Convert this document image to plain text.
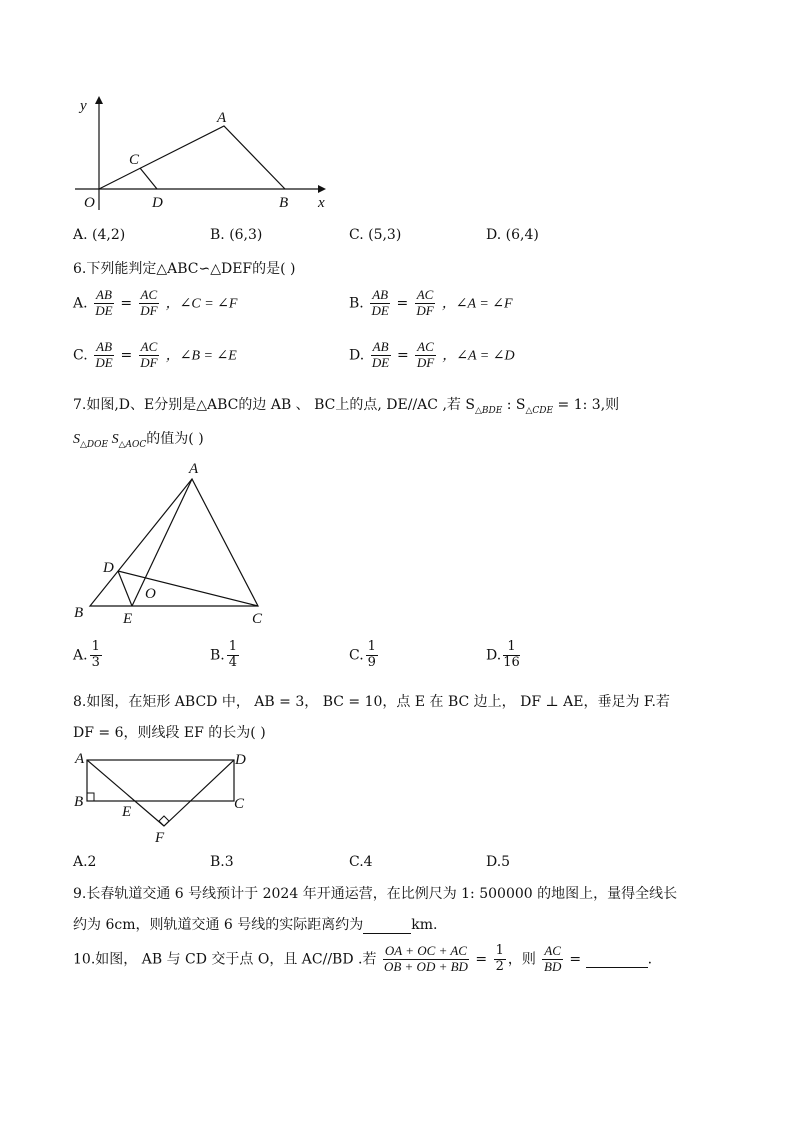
y
x
O
A
B
C
D
A. (4,2)	B. (6,3)	C. (5,3)	D. (6,4)
6.下列能判定△ABC∽△DEF的是( )
A. $\frac{AB}{DE} = \frac{AC}{DF}$ ，∠C = ∠F	B. $\frac{AB}{DE} = \frac{AC}{DF}$ ，∠A = ∠F
C. $\frac{AB}{DE} = \frac{AC}{DF}$ ，∠B = ∠E	D. $\frac{AB}{DE} = \frac{AC}{DF}$ ，∠A = ∠D
7.如图,D、E分别是△ABC的边 AB 、 BC上的点, DE//AC ,若 $S_{\triangle BDE}$ : $S_{\triangle CDE} = 1$: 3,则
$S_{\triangle DOE}$ $S_{\triangle AOC}$的值为( )
A
B	C
D
E
O
A. $\frac{1}{3}$	B. $\frac{1}{4}$	C. $\frac{1}{9}$	D. $\frac{1}{16}$
8.如图，在矩形 ABCD 中， AB = 3， BC = 10，点 E 在 BC 边上， DF ⊥ AE，垂足为 F.若
DF = 6，则线段 EF 的长为( )
A
B	C
D
E
F
A.2	B.3	C.4	D.5
9.长春轨道交通 6 号线预计于 2024 年开通运营，在比例尺为 1: 500000 的地图上，量得全线长
约为 6cm，则轨道交通 6 号线的实际距离约为	km.
10.如图， AB 与 CD 交于点 O，且 AC//BD .若 $\frac{OA + OC + AC}{OB + OD + BD} = \frac{1}{2}$ ，则 $\frac{AC}{BD}$ =	.
